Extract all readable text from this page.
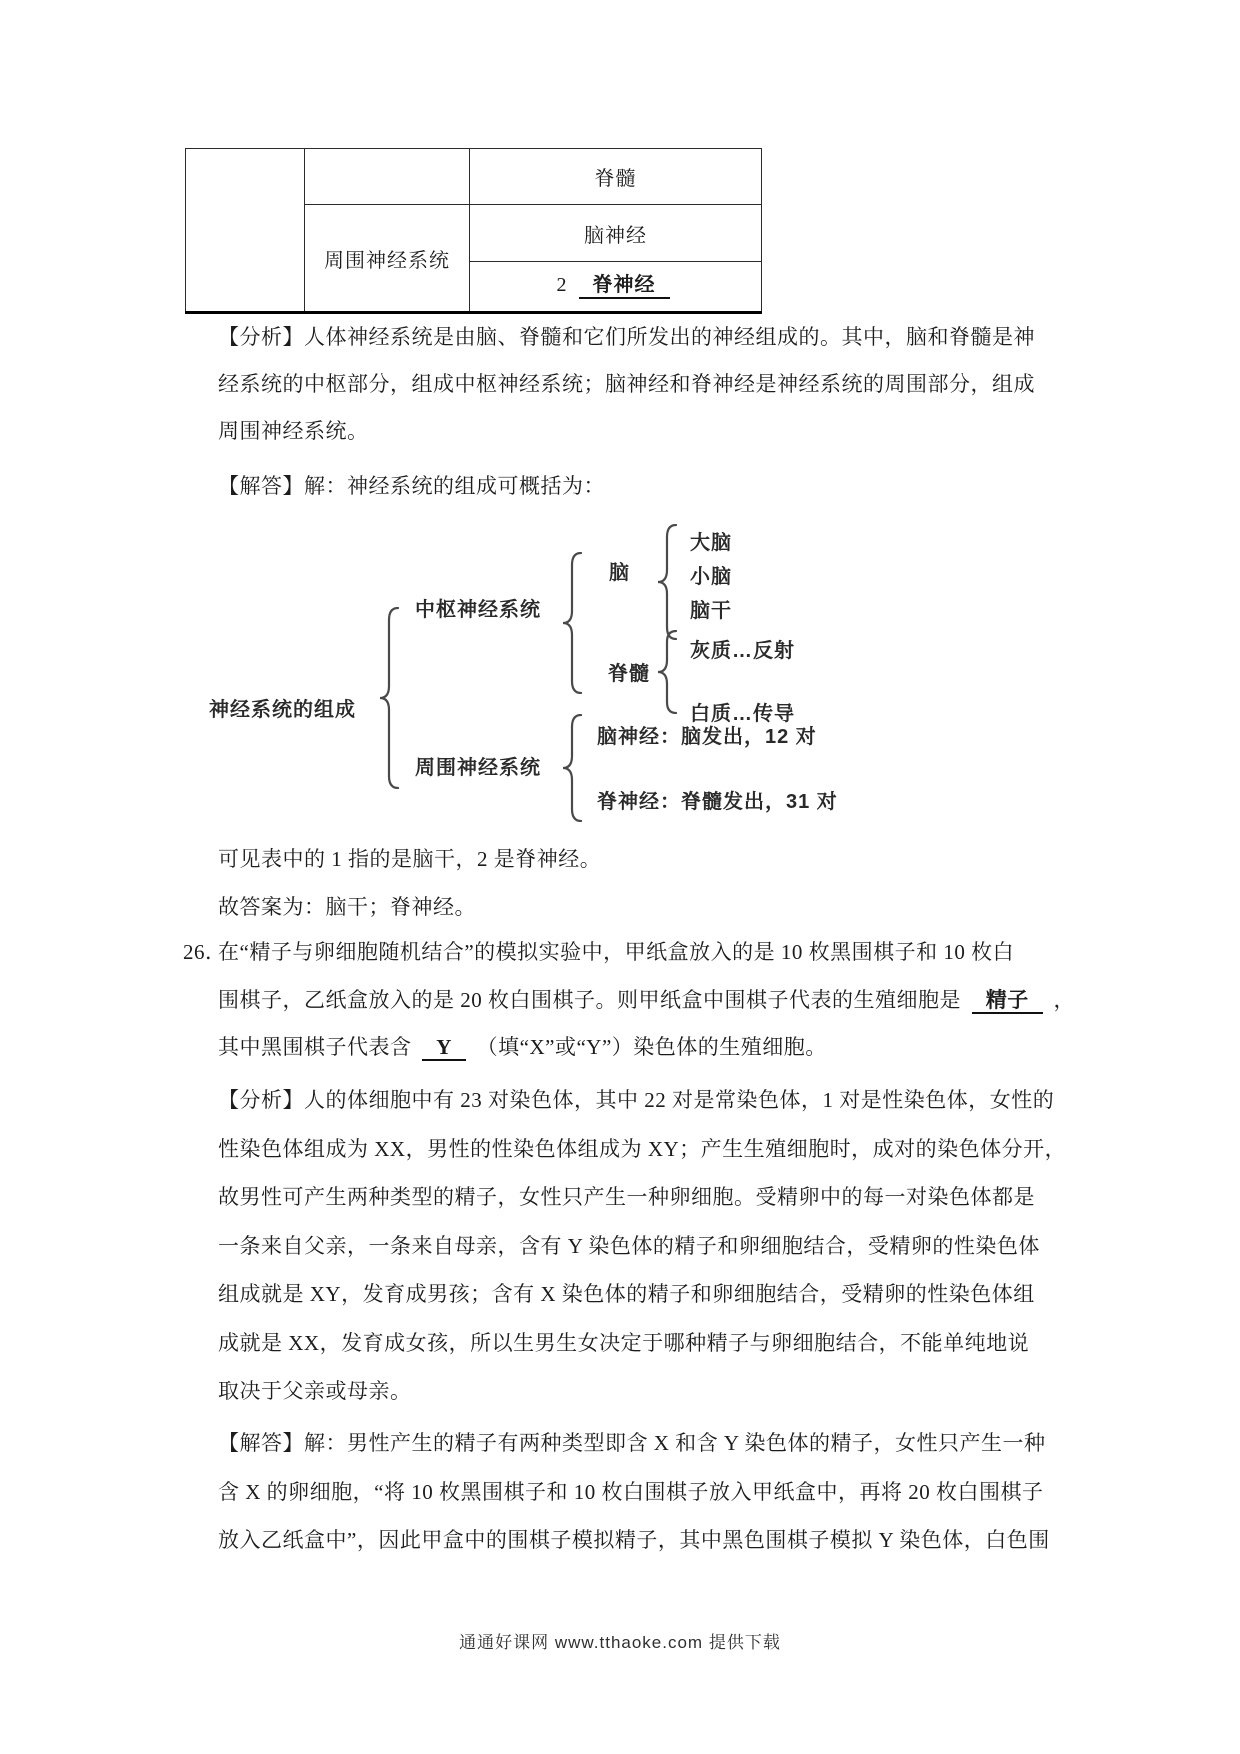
		脊髓
	周围神经系统	脑神经
		2 脊神经
【分析】人体神经系统是由脑、脊髓和它们所发出的神经组成的。其中，脑和脊髓是神
经系统的中枢部分，组成中枢神经系统；脑神经和脊神经是神经系统的周围部分，组成
周围神经系统。
【解答】解：神经系统的组成可概括为：
神经系统的组成
中枢神经系统
周围神经系统
脑
大脑
小脑
脑干
脊髓
灰质…反射
白质…传导
脑神经：脑发出，12 对
脊神经：脊髓发出，31 对
可见表中的 1 指的是脑干，2 是脊神经。
故答案为：脑干；脊神经。
26．
在“精子与卵细胞随机结合”的模拟实验中，甲纸盒放入的是 10 枚黑围棋子和 10 枚白
围棋子，乙纸盒放入的是 20 枚白围棋子。则甲纸盒中围棋子代表的生殖细胞是 精子 ，
其中黑围棋子代表含 Y （填“X”或“Y”）染色体的生殖细胞。
【分析】人的体细胞中有 23 对染色体，其中 22 对是常染色体，1 对是性染色体，女性的
性染色体组成为 XX，男性的性染色体组成为 XY；产生生殖细胞时，成对的染色体分开，
故男性可产生两种类型的精子，女性只产生一种卵细胞。受精卵中的每一对染色体都是
一条来自父亲，一条来自母亲，含有 Y 染色体的精子和卵细胞结合，受精卵的性染色体
组成就是 XY，发育成男孩；含有 X 染色体的精子和卵细胞结合，受精卵的性染色体组
成就是 XX，发育成女孩，所以生男生女决定于哪种精子与卵细胞结合，不能单纯地说
取决于父亲或母亲。
【解答】解：男性产生的精子有两种类型即含 X 和含 Y 染色体的精子，女性只产生一种
含 X 的卵细胞，“将 10 枚黑围棋子和 10 枚白围棋子放入甲纸盒中，再将 20 枚白围棋子
放入乙纸盒中”，因此甲盒中的围棋子模拟精子，其中黑色围棋子模拟 Y 染色体，白色围
通通好课网 www.tthaoke.com 提供下载
